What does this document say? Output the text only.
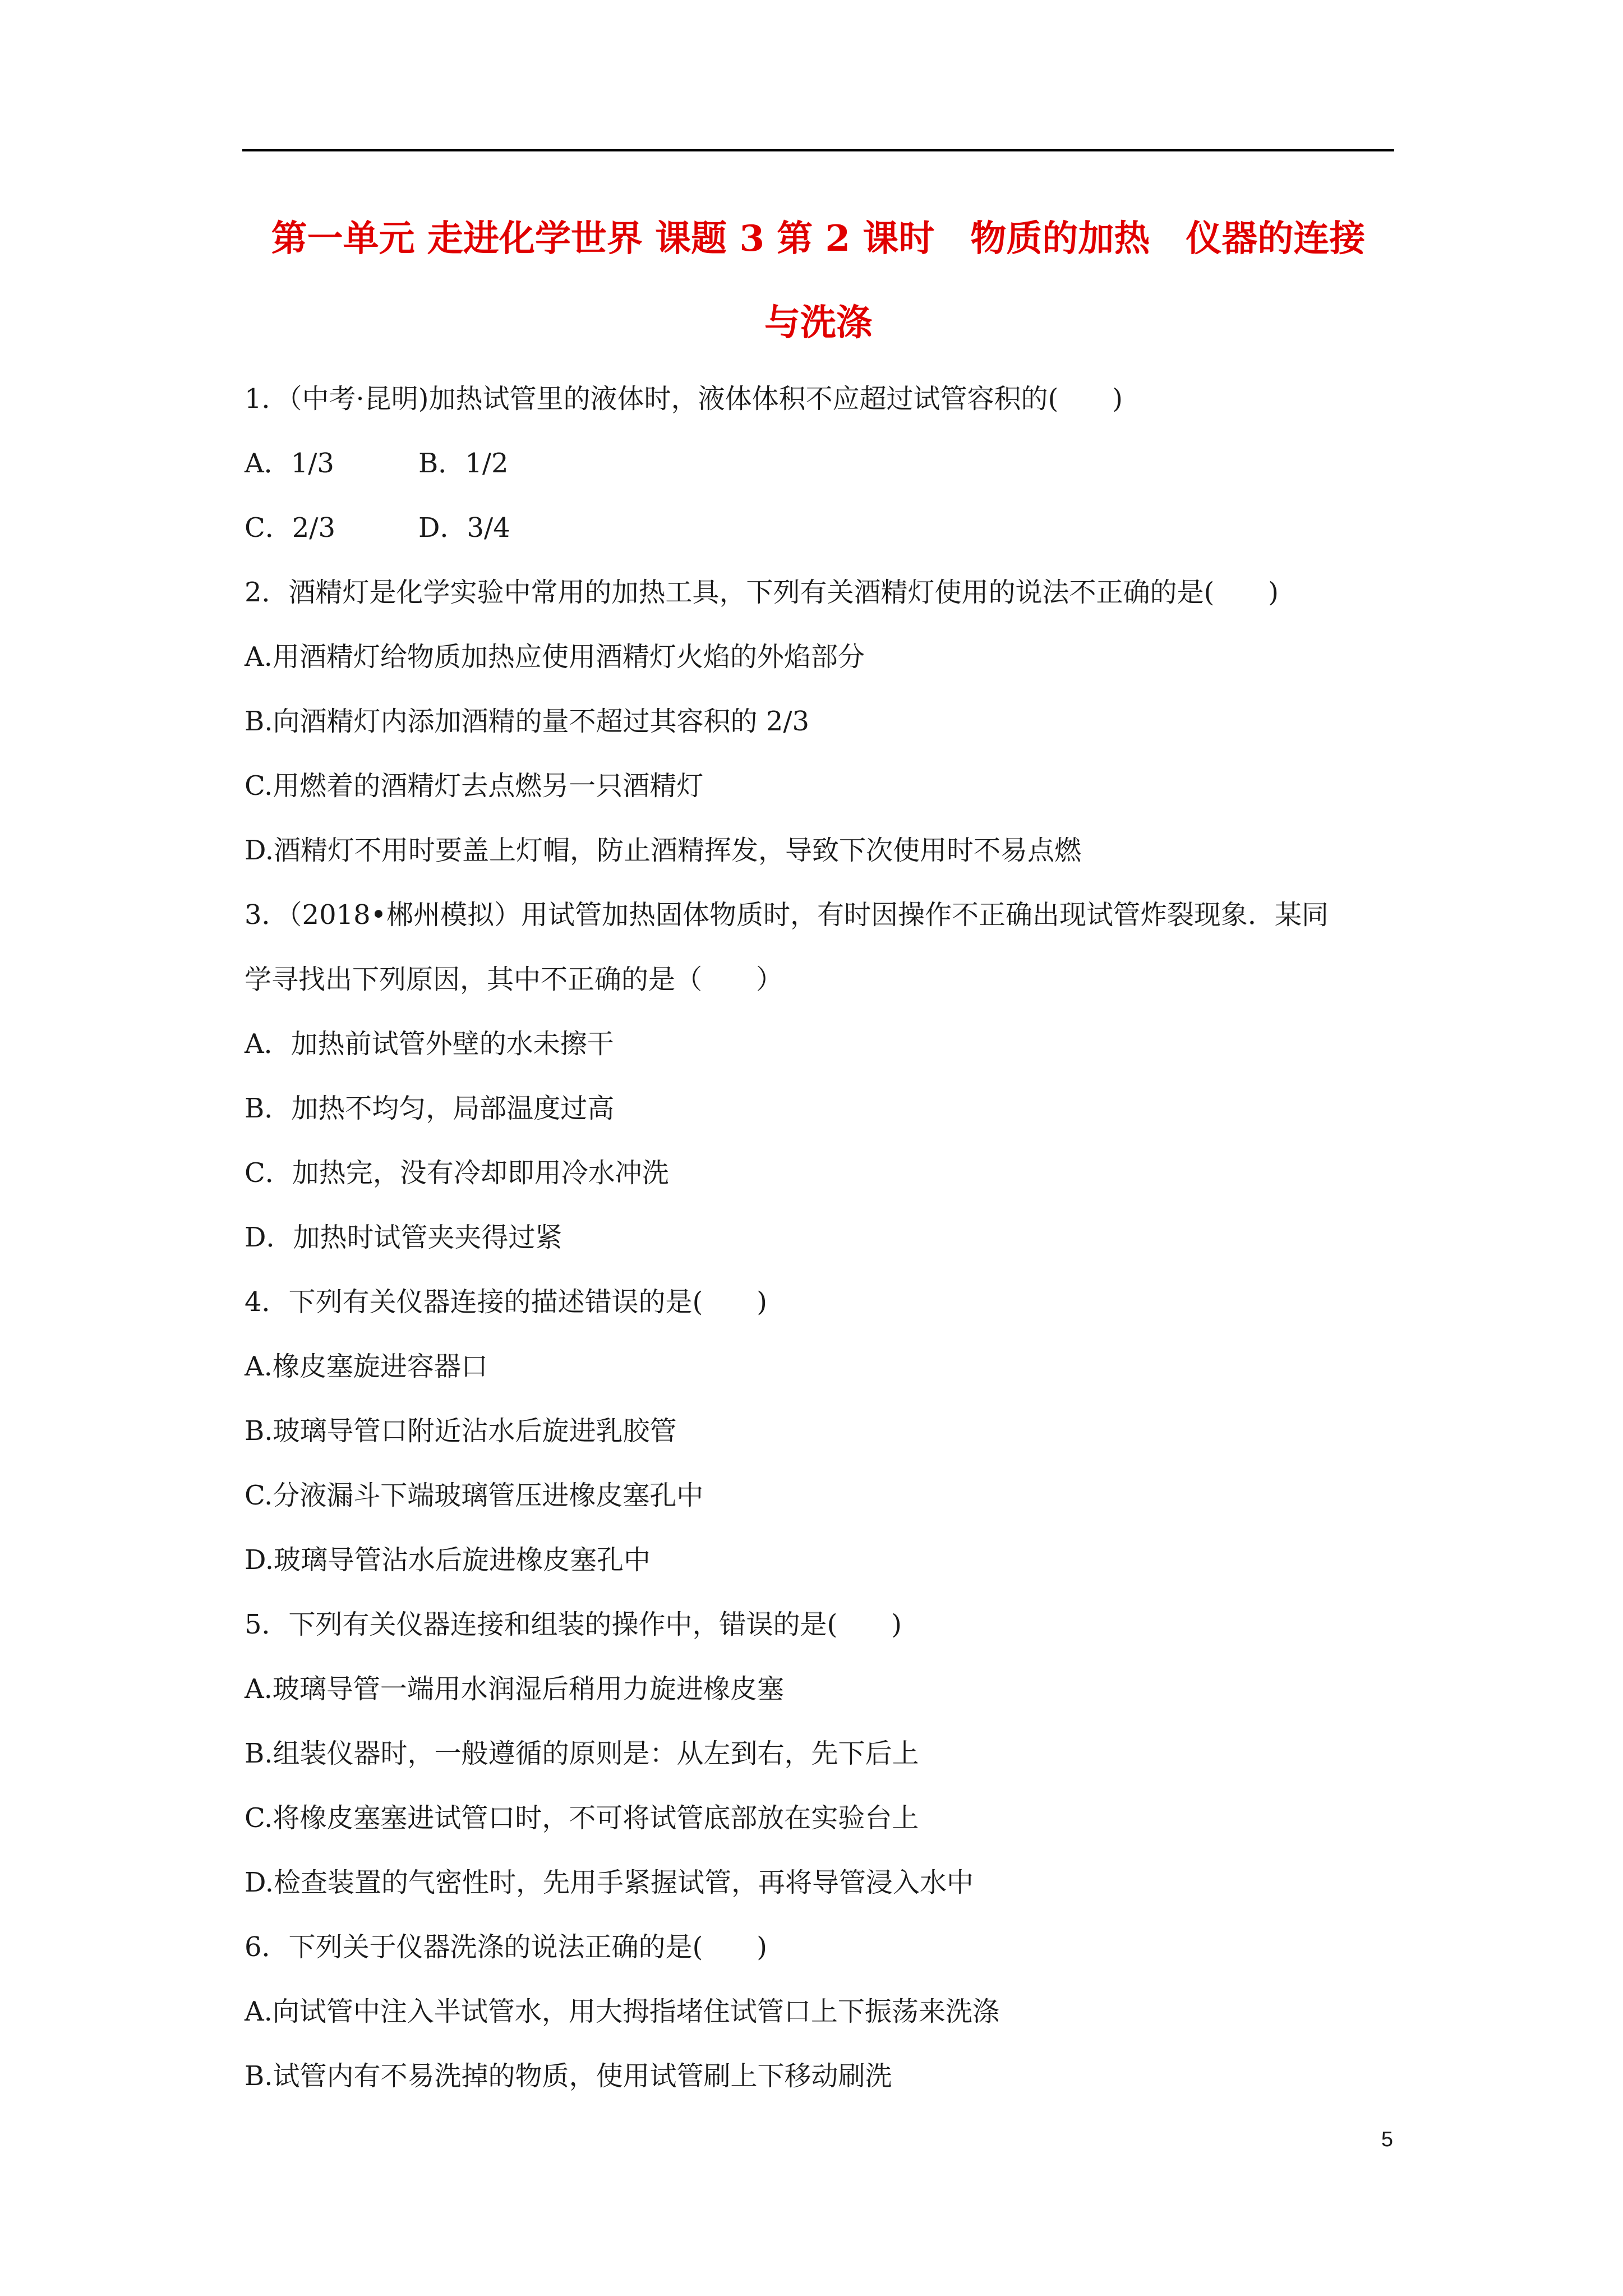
第一单元 走进化学世界 课题 3 第 2 课时　物质的加热　仪器的连接
与洗涤
1．（中考·昆明)加热试管里的液体时，液体体积不应超过试管容积的(　　)
A．1/3	B．1/2
C．2/3	D．3/4
2．酒精灯是化学实验中常用的加热工具，下列有关酒精灯使用的说法不正确的是(　　)
A.用酒精灯给物质加热应使用酒精灯火焰的外焰部分
B.向酒精灯内添加酒精的量不超过其容积的 2/3
C.用燃着的酒精灯去点燃另一只酒精灯
D.酒精灯不用时要盖上灯帽，防止酒精挥发，导致下次使用时不易点燃
3．（2018•郴州模拟）用试管加热固体物质时，有时因操作不正确出现试管炸裂现象．某同
学寻找出下列原因，其中不正确的是（　　）
A．加热前试管外壁的水未擦干
B．加热不均匀，局部温度过高
C．加热完，没有冷却即用冷水冲洗
D．加热时试管夹夹得过紧
4．下列有关仪器连接的描述错误的是(　　)
A.橡皮塞旋进容器口
B.玻璃导管口附近沾水后旋进乳胶管
C.分液漏斗下端玻璃管压进橡皮塞孔中
D.玻璃导管沾水后旋进橡皮塞孔中
5．下列有关仪器连接和组装的操作中，错误的是(　　)
A.玻璃导管一端用水润湿后稍用力旋进橡皮塞
B.组装仪器时，一般遵循的原则是：从左到右，先下后上
C.将橡皮塞塞进试管口时，不可将试管底部放在实验台上
D.检查装置的气密性时，先用手紧握试管，再将导管浸入水中
6．下列关于仪器洗涤的说法正确的是(　　)
A.向试管中注入半试管水，用大拇指堵住试管口上下振荡来洗涤
B.试管内有不易洗掉的物质，使用试管刷上下移动刷洗
5
